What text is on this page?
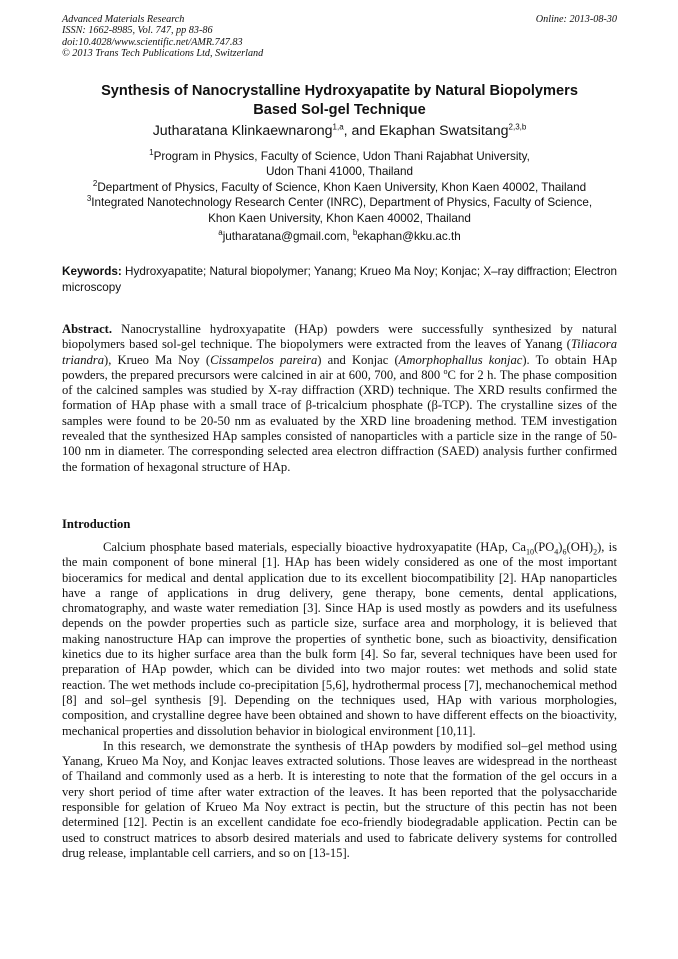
Advanced Materials Research
ISSN: 1662-8985, Vol. 747, pp 83-86
doi:10.4028/www.scientific.net/AMR.747.83
© 2013 Trans Tech Publications Ltd, Switzerland
Online: 2013-08-30
Synthesis of Nanocrystalline Hydroxyapatite by Natural Biopolymers
Based Sol-gel Technique
Jutharatana Klinkaewnarong$^{1,a}$, and Ekaphan Swatsitang$^{2,3,b}$
$^1$Program in Physics, Faculty of Science, Udon Thani Rajabhat University,
Udon Thani 41000, Thailand
$^2$Department of Physics, Faculty of Science, Khon Kaen University, Khon Kaen 40002, Thailand
$^3$Integrated Nanotechnology Research Center (INRC), Department of Physics, Faculty of Science,
Khon Kaen University, Khon Kaen 40002, Thailand
$^a$jutharatana@gmail.com, $^b$ekaphan@kku.ac.th
Keywords: Hydroxyapatite; Natural biopolymer; Yanang; Krueo Ma Noy; Konjac; X–ray diffraction; Electron microscopy
Abstract. Nanocrystalline hydroxyapatite (HAp) powders were successfully synthesized by natural biopolymers based sol-gel technique. The biopolymers were extracted from the leaves of Yanang (Tiliacora triandra), Krueo Ma Noy (Cissampelos pareira) and Konjac (Amorphophallus konjac). To obtain HAp powders, the prepared precursors were calcined in air at 600, 700, and 800 $^o$C for 2 h. The phase composition of the calcined samples was studied by X-ray diffraction (XRD) technique. The XRD results confirmed the formation of HAp phase with a small trace of β-tricalcium phosphate (β-TCP). The crystalline sizes of the samples were found to be 20-50 nm as evaluated by the XRD line broadening method. TEM investigation revealed that the synthesized HAp samples consisted of nanoparticles with a particle size in the range of 50-100 nm in diameter. The corresponding selected area electron diffraction (SAED) analysis further confirmed the formation of hexagonal structure of HAp.
Introduction

Calcium phosphate based materials, especially bioactive hydroxyapatite (HAp, $Ca_{10}(PO_4)_6(OH)_2$), is the main component of bone mineral [1]. HAp has been widely considered as one of the most important bioceramics for medical and dental application due to its excellent biocompatibility [2]. HAp nanoparticles have a range of applications in drug delivery, gene therapy, bone cements, dental applications, chromatography, and waste water remediation [3]. Since HAp is used mostly as powders and its usefulness depends on the powder properties such as particle size, surface area and morphology, it is believed that making nanostructure HAp can improve the properties of synthetic bone, such as bioactivity, densification kinetics due to its higher surface area than the bulk form [4]. So far, several techniques have been used for preparation of HAp powder, which can be divided into two major routes: wet methods and solid state reaction. The wet methods include co-precipitation [5,6], hydrothermal process [7], mechanochemical method [8] and sol–gel synthesis [9]. Depending on the techniques used, HAp with various morphologies, composition, and crystalline degree have been obtained and shown to have different effects on the bioactivity, mechanical properties and dissolution behavior in biological environment [10,11].

In this research, we demonstrate the synthesis of tHAp powders by modified sol–gel method using Yanang, Krueo Ma Noy, and Konjac leaves extracted solutions. Those leaves are widespread in the northeast of Thailand and commonly used as a herb. It is interesting to note that the formation of the gel occurs in a very short period of time after water extraction of the leaves. It has been reported that the polysaccharide responsible for gelation of Krueo Ma Noy extract is pectin, but the structure of this pectin has not been determined [12]. Pectin is an excellent candidate foe eco-friendly biodegradable application. Pectin can be used to construct matrices to absorb desired materials and used to fabricate delivery systems for controlled drug release, implantable cell carriers, and so on [13-15].
